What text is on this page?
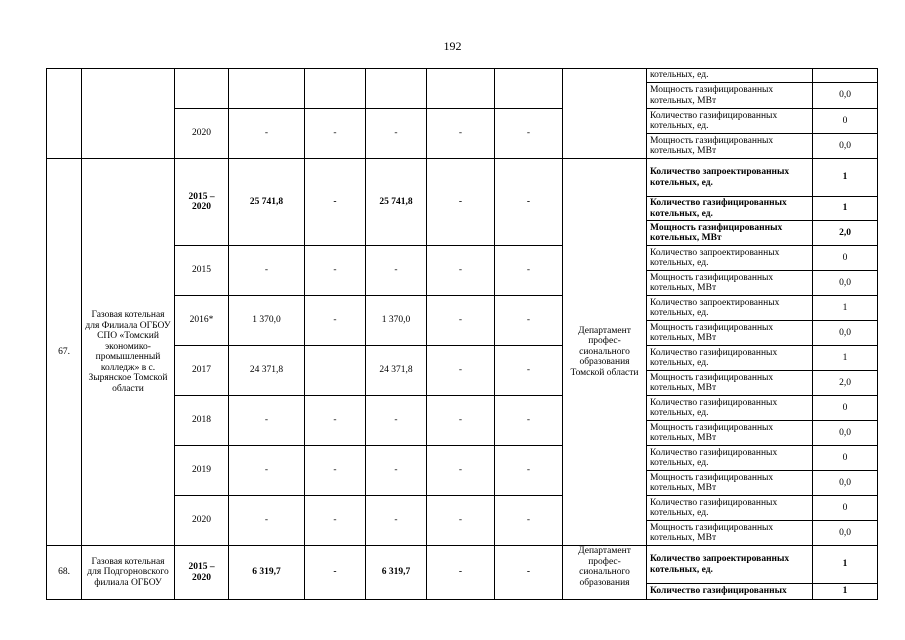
192
									котельных, ед.	
									Мощность газифицированных котельных, МВт	0,0
		2020	-	-	-	-	-		Количество газифицированных котельных, ед.	0
									Мощность газифицированных котельных, МВт	0,0
67.	Газовая котельная для Филиала ОГБОУ СПО «Томский экономико-промышленный колледж» в с. Зырянское Томской области	2015 – 2020	25 741,8	-	25 741,8	-	-	Департамент профес-сионального образования Томской области	Количество запроектированных котельных, ед.	1
									Количество газифицированных котельных, ед.	1
									Мощность газифицированных котельных, МВт	2,0
		2015	-	-	-	-	-		Количество запроектированных котельных, ед.	0
									Мощность газифицированных котельных, МВт	0,0
		2016*	1 370,0	-	1 370,0	-	-		Количество запроектированных котельных, ед.	1
									Мощность газифицированных котельных, МВт	0,0
		2017	24 371,8		24 371,8	-	-		Количество газифицированных котельных, ед.	1
									Мощность газифицированных котельных, МВт	2,0
		2018	-	-	-	-	-		Количество газифицированных котельных, ед.	0
									Мощность газифицированных котельных, МВт	0,0
		2019	-	-	-	-	-		Количество газифицированных котельных, ед.	0
									Мощность газифицированных котельных, МВт	0,0
		2020	-	-	-	-	-		Количество газифицированных котельных, ед.	0
									Мощность газифицированных котельных, МВт	0,0
68.	Газовая котельная для Подгорновского филиала ОГБОУ	2015 – 2020	6 319,7	-	6 319,7	-	-	Департамент профес-сионального образования	Количество запроектированных котельных, ед.	1
									Количество газифицированных	1
